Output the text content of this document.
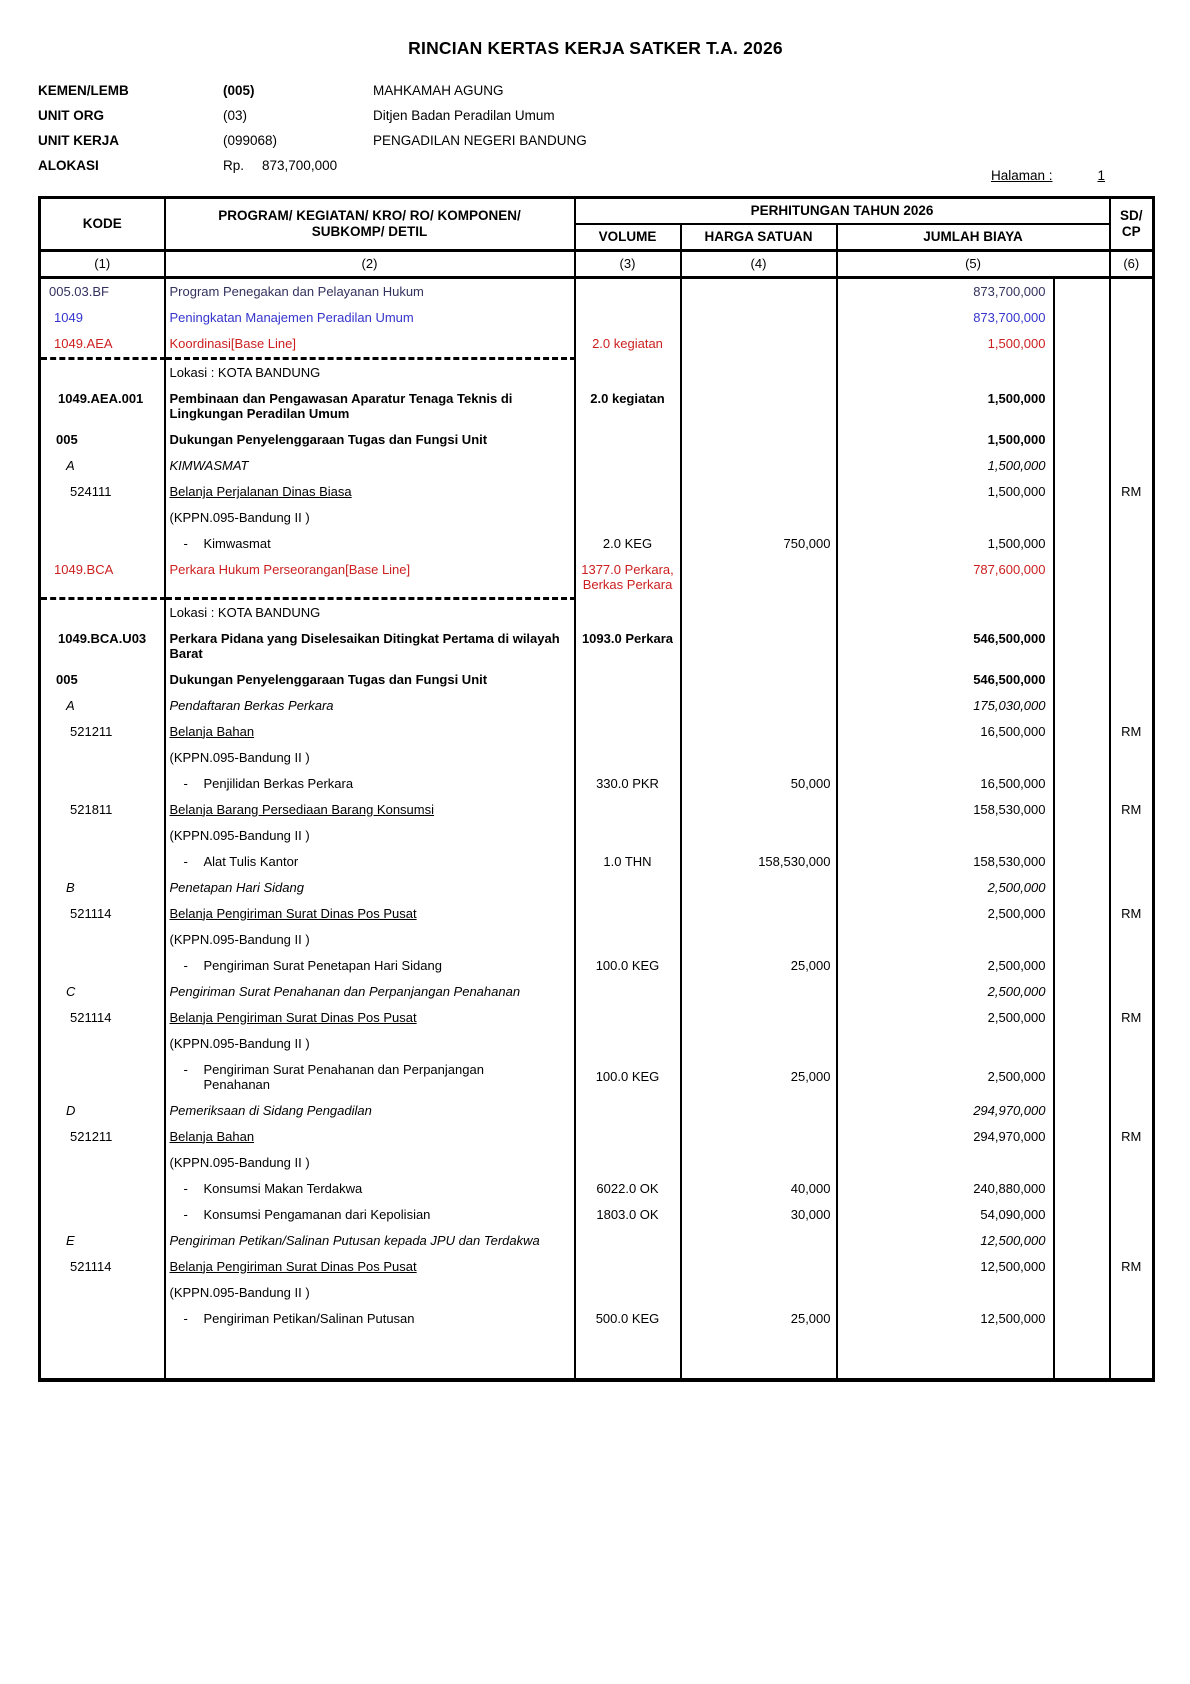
RINCIAN KERTAS KERJA SATKER T.A. 2026
KEMEN/LEMB	(005)	MAHKAMAH AGUNG
UNIT ORG	(03)	Ditjen Badan Peradilan Umum
UNIT KERJA	(099068)	PENGADILAN NEGERI BANDUNG
ALOKASI	Rp. 873,700,000
Halaman :	1
KODE	
PROGRAM/ KEGIATAN/ KRO/ RO/ KOMPONEN/
SUBKOMP/ DETIL
	PERHITUNGAN TAHUN 2026	SD/
CP

		VOLUME	HARGA SATUAN	JUMLAH BIAYA		
(1)	(2)	(3)	(4)	(5)		(6)
005.03.BF	Program Penegakan dan Pelayanan Hukum			873,700,000		
1049	Peningkatan Manajemen Peradilan Umum			873,700,000		
1049.AEA	Koordinasi[Base Line]	2.0 kegiatan		1,500,000		
	Lokasi : KOTA BANDUNG					
1049.AEA.001	Pembinaan dan Pengawasan Aparatur Tenaga Teknis di Lingkungan Peradilan Umum	2.0 kegiatan		1,500,000		
005	Dukungan Penyelenggaraan Tugas dan Fungsi Unit			1,500,000		
A	KIMWASMAT			1,500,000		
524111	Belanja Perjalanan Dinas Biasa			1,500,000		RM
	(KPPN.095-Bandung II )					

	- Kimwasmat	2.0 KEG	750,000	1,500,000		
1049.BCA	Perkara Hukum Perseorangan[Base Line]	1377.0 Perkara, Berkas Perkara		787,600,000		
	Lokasi : KOTA BANDUNG					
1049.BCA.U03	Perkara Pidana yang Diselesaikan Ditingkat Pertama di wilayah Barat	1093.0 Perkara		546,500,000		
005	Dukungan Penyelenggaraan Tugas dan Fungsi Unit			546,500,000		
A	Pendaftaran Berkas Perkara			175,030,000		
521211	Belanja Bahan			16,500,000		RM
	(KPPN.095-Bandung II )					

	- Penjilidan Berkas Perkara	330.0 PKR	50,000	16,500,000		
521811	Belanja Barang Persediaan Barang Konsumsi			158,530,000		RM
	(KPPN.095-Bandung II )					

	- Alat Tulis Kantor	1.0 THN	158,530,000	158,530,000		
B	Penetapan Hari Sidang			2,500,000		
521114	Belanja Pengiriman Surat Dinas Pos Pusat			2,500,000		RM
	(KPPN.095-Bandung II )					

	- Pengiriman Surat Penetapan Hari Sidang	100.0 KEG	25,000	2,500,000		
C	Pengiriman Surat Penahanan dan Perpanjangan Penahanan			2,500,000		
521114	Belanja Pengiriman Surat Dinas Pos Pusat			2,500,000		RM
	(KPPN.095-Bandung II )					

	- Pengiriman Surat Penahanan dan Perpanjangan Penahanan	100.0 KEG	25,000	2,500,000		
D	Pemeriksaan di Sidang Pengadilan			294,970,000		
521211	Belanja Bahan			294,970,000		RM
	(KPPN.095-Bandung II )					

	- Konsumsi Makan Terdakwa	6022.0 OK	40,000	240,880,000		

	- Konsumsi Pengamanan dari Kepolisian	1803.0 OK	30,000	54,090,000		
E	Pengiriman Petikan/Salinan Putusan kepada JPU dan Terdakwa			12,500,000		
521114	Belanja Pengiriman Surat Dinas Pos Pusat			12,500,000		RM
	(KPPN.095-Bandung II )					

	- Pengiriman Petikan/Salinan Putusan	500.0 KEG	25,000	12,500,000		
